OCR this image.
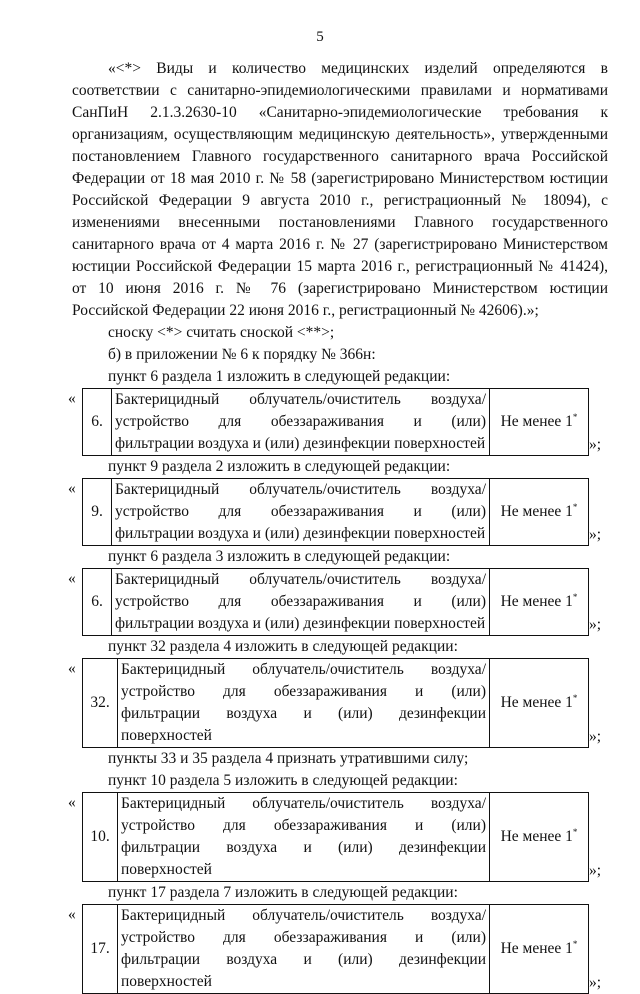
5

«<*> Виды и количество медицинских изделий определяются в соответствии с санитарно-эпидемиологическими правилами и нормативами СанПиН 2.1.3.2630-10 «Санитарно-эпидемиологические требования к организациям, осуществляющим медицинскую деятельность», утвержденными постановлением Главного государственного санитарного врача Российской Федерации от 18 мая 2010 г. № 58 (зарегистрировано Министерством юстиции Российской Федерации 9 августа 2010 г., регистрационный № 18094), с изменениями внесенными постановлениями Главного государственного санитарного врача от 4 марта 2016 г. № 27 (зарегистрировано Министерством юстиции Российской Федерации 15 марта 2016 г., регистрационный № 41424), от 10 июня 2016 г. № 76 (зарегистрировано Министерством юстиции Российской Федерации 22 июня 2016 г., регистрационный № 42606).»;

сноску <*> считать сноской <**>;

б) в приложении № 6 к порядку № 366н:

пункт 6 раздела 1 изложить в следующей редакции:

«
6.	Бактерицидный облучатель/очиститель воздуха/устройство для обеззараживания и (или)
фильтрации воздуха и (или) дезинфекции поверхностей
	Не менее 1*
»;

пункт 9 раздела 2 изложить в следующей редакции:

«
9.	Бактерицидный облучатель/очиститель воздуха/устройство для обеззараживания и (или)
фильтрации воздуха и (или) дезинфекции поверхностей
	Не менее 1*
»;

пункт 6 раздела 3 изложить в следующей редакции:

«
6.	Бактерицидный облучатель/очиститель воздуха/устройство для обеззараживания и (или)
фильтрации воздуха и (или) дезинфекции поверхностей
	Не менее 1*
»;

пункт 32 раздела 4 изложить в следующей редакции:

«
32.	Бактерицидный облучатель/очиститель воздуха/устройство для обеззараживания и (или)
фильтрации воздуха и (или) дезинфекции поверхностей
	Не менее 1*
»;

пункты 33 и 35 раздела 4 признать утратившими силу;

пункт 10 раздела 5 изложить в следующей редакции:

«
10.	Бактерицидный облучатель/очиститель воздуха/устройство для обеззараживания и (или)
фильтрации воздуха и (или) дезинфекции поверхностей
	Не менее 1*
»;

пункт 17 раздела 7 изложить в следующей редакции:

«
17.	Бактерицидный облучатель/очиститель воздуха/устройство для обеззараживания и (или)
фильтрации воздуха и (или) дезинфекции поверхностей
	Не менее 1*
»;
